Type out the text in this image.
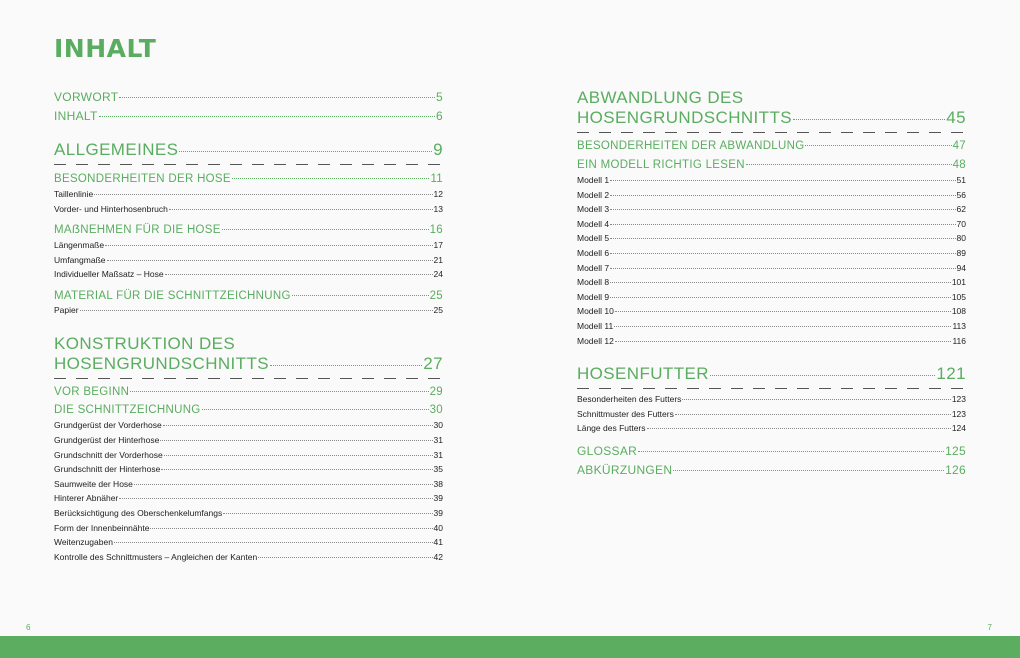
INHALT
VORWORT	5
INHALT	6
ALLGEMEINES	9
BESONDERHEITEN DER HOSE	11
Taillenlinie	12
Vorder- und Hinterhosenbruch	13
MAẞNEHMEN FÜR DIE HOSE	16
Längenmaße	17
Umfangmaße	21
Individueller Maßsatz – Hose	24
MATERIAL FÜR DIE SCHNITTZEICHNUNG	25
Papier	25
KONSTRUKTION DES
HOSENGRUNDSCHNITTS	27
VOR BEGINN	29
DIE SCHNITTZEICHNUNG	30
Grundgerüst der Vorderhose	30
Grundgerüst der Hinterhose	31
Grundschnitt der Vorderhose	31
Grundschnitt der Hinterhose	35
Saumweite der Hose	38
Hinterer Abnäher	39
Berücksichtigung des Oberschenkelumfangs	39
Form der Innenbeinnähte	40
Weitenzugaben	41
Kontrolle des Schnittmusters – Angleichen der Kanten	42
ABWANDLUNG DES
HOSENGRUNDSCHNITTS	45
BESONDERHEITEN DER ABWANDLUNG	47
EIN MODELL RICHTIG LESEN	48
Modell 1	51
Modell 2	56
Modell 3	62
Modell 4	70
Modell 5	80
Modell 6	89
Modell 7	94
Modell 8	101
Modell 9	105
Modell 10	108
Modell 11	113
Modell 12	116
HOSENFUTTER	121
Besonderheiten des Futters	123
Schnittmuster des Futters	123
Länge des Futters	124
GLOSSAR	125
ABKÜRZUNGEN	126
6	7
